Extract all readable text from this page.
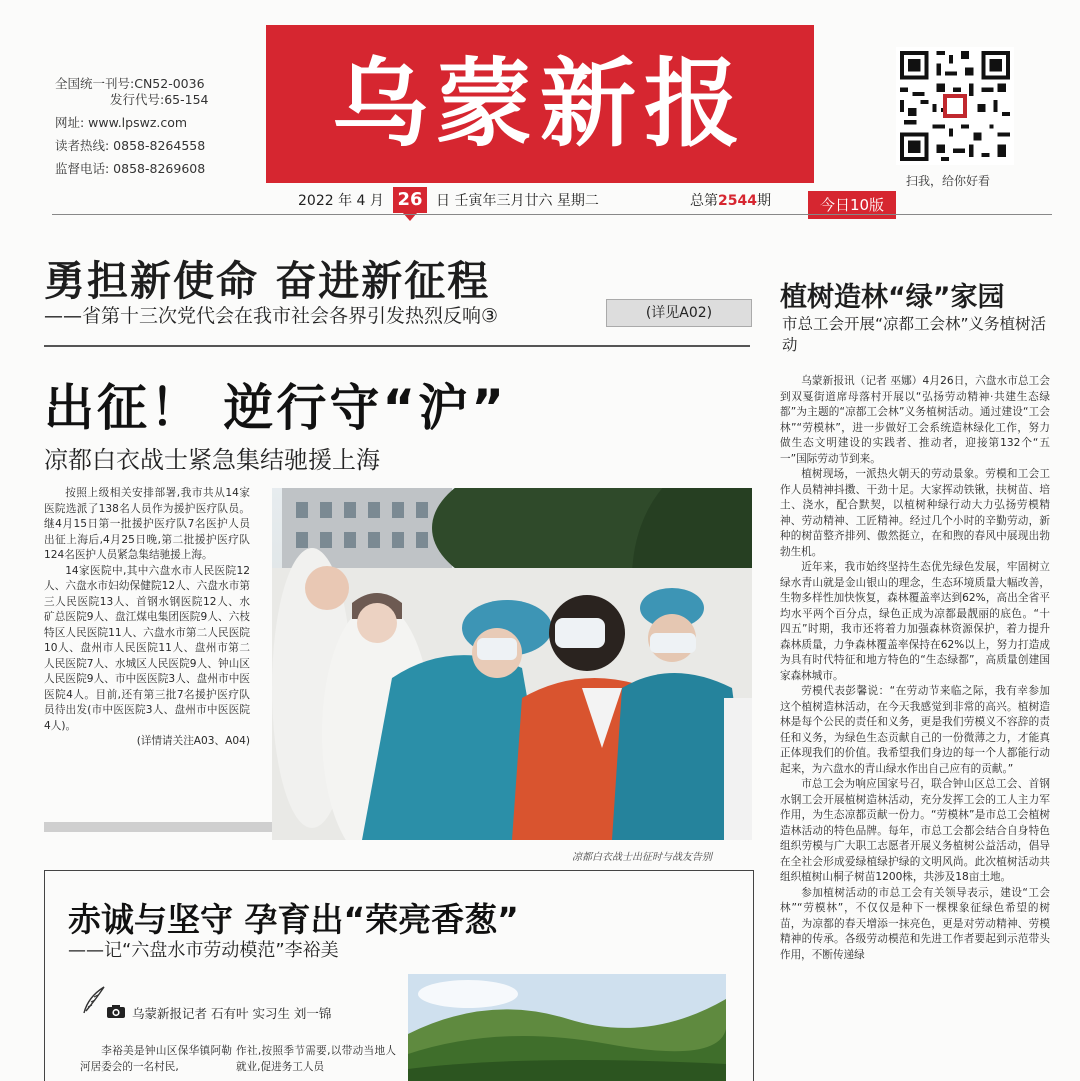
全国统一刊号:CN52-0036
发行代号:65-154
网址: www.lpswz.com
读者热线: 0858-8264558
监督电话: 0858-8269608
乌蒙新报
扫我，给你好看
2022 年 4 月 26 日 壬寅年三月廿六 星期二	总第2544期	今日10版
勇担新使命 奋进新征程
——省第十三次党代会在我市社会各界引发热烈反响③	(详见A02)
出征！ 逆行守“沪”
凉都白衣战士紧急集结驰援上海

按照上级相关安排部署,我市共从14家医院选派了138名人员作为援护医疗队员。继4月15日第一批援护医疗队7名医护人员出征上海后,4月25日晚,第二批援护医疗队124名医护人员紧急集结驰援上海。

14家医院中,其中六盘水市人民医院12人、六盘水市妇幼保健院12人、六盘水市第三人民医院13人、首钢水钢医院12人、水矿总医院9人、盘江煤电集团医院9人、六枝特区人民医院11人、六盘水市第二人民医院10人、盘州市人民医院11人、盘州市第二人民医院7人、水城区人民医院9人、钟山区人民医院9人、市中医医院3人、盘州市中医医院4人。目前,还有第三批7名援护医疗队员待出发(市中医医院3人、盘州市中医医院4人)。

(详情请关注A03、A04)

凉都白衣战士出征时与战友告别
植树造林“绿”家园
市总工会开展“凉都工会林”义务植树活动

乌蒙新报讯（记者 巫娜）4月26日，六盘水市总工会到双戛街道席母落村开展以“弘扬劳动精神·共建生态绿都”为主题的“凉都工会林”义务植树活动。通过建设“工会林”“劳模林”，进一步做好工会系统造林绿化工作，努力做生态文明建设的实践者、推动者，迎接第132个“五一”国际劳动节到来。

植树现场，一派热火朝天的劳动景象。劳模和工会工作人员精神抖擞、干劲十足。大家挥动铁锹，扶树苗、培土、浇水，配合默契，以植树种绿行动大力弘扬劳模精神、劳动精神、工匠精神。经过几个小时的辛勤劳动，新种的树苗整齐排列、傲然挺立，在和煦的春风中展现出勃勃生机。

近年来，我市始终坚持生态优先绿色发展，牢固树立绿水青山就是金山银山的理念，生态环境质量大幅改善，生物多样性加快恢复，森林覆盖率达到62%，高出全省平均水平两个百分点，绿色正成为凉都最靓丽的底色。“十四五”时期，我市还将着力加强森林资源保护，着力提升森林质量，力争森林覆盖率保持在62%以上，努力打造成为具有时代特征和地方特色的“生态绿都”，高质量创建国家森林城市。

劳模代表彭馨说：“在劳动节来临之际，我有幸参加这个植树造林活动，在今天我感觉到非常的高兴。植树造林是每个公民的责任和义务，更是我们劳模义不容辞的责任和义务，为绿色生态贡献自己的一份微薄之力，才能真正体现我们的价值。我希望我们身边的每一个人都能行动起来，为六盘水的青山绿水作出自己应有的贡献。”

市总工会为响应国家号召，联合钟山区总工会、首钢水钢工会开展植树造林活动，充分发挥工会的工人主力军作用，为生态凉都贡献一份力。“劳模林”是市总工会植树造林活动的特色品牌。每年，市总工会都会结合自身特色组织劳模与广大职工志愿者开展义务植树公益活动，倡导在全社会形成爱绿植绿护绿的文明风尚。此次植树活动共组织植树山桐子树苗1200株，共涉及18亩土地。

参加植树活动的市总工会有关领导表示，建设“工会林”“劳模林”，不仅仅是种下一棵棵象征绿色希望的树苗，为凉都的春天增添一抹亮色，更是对劳动精神、劳模精神的传承。各级劳动模范和先进工作者要起到示范带头作用，不断传递绿

赤诚与坚守 孕育出“荣亮香葱”
——记“六盘水市劳动模范”李裕美
乌蒙新报记者 石有叶 实习生 刘一锦

李裕美是钟山区保华镇阿勒河居委会的一名村民,

作社,按照季节需要,以带动当地人就业,促进务工人员
